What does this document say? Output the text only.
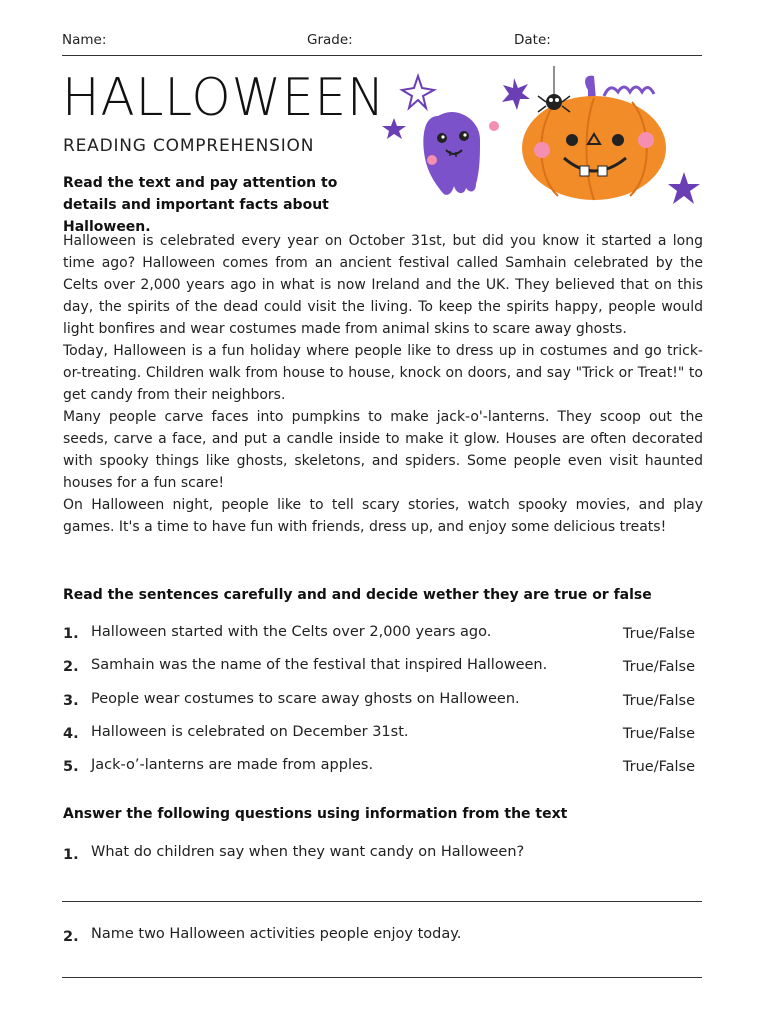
Name:	Grade:	Date:
HALLOWEEN
READING COMPREHENSION
Read the text and pay attention to details and important facts about Halloween.

Halloween is celebrated every year on October 31st, but did you know it started a long time ago? Halloween comes from an ancient festival called Samhain celebrated by the Celts over 2,000 years ago in what is now Ireland and the UK. They believed that on this day, the spirits of the dead could visit the living. To keep the spirits happy, people would light bonfires and wear costumes made from animal skins to scare away ghosts.

Today, Halloween is a fun holiday where people like to dress up in costumes and go trick-or-treating. Children walk from house to house, knock on doors, and say "Trick or Treat!" to get candy from their neighbors.

Many people carve faces into pumpkins to make jack-o'-lanterns. They scoop out the seeds, carve a face, and put a candle inside to make it glow. Houses are often decorated with spooky things like ghosts, skeletons, and spiders. Some people even visit haunted houses for a fun scare!

On Halloween night, people like to tell scary stories, watch spooky movies, and play games. It's a time to have fun with friends, dress up, and enjoy some delicious treats!

Read the sentences carefully and and decide wether they are true or false
1. Halloween started with the Celts over 2,000 years ago.	True/False
2. Samhain was the name of the festival that inspired Halloween.	True/False
3. People wear costumes to scare away ghosts on Halloween.	True/False
4. Halloween is celebrated on December 31st.	True/False
5. Jack-o’-lanterns are made from apples.	True/False
Answer the following questions using information from the text
1. What do children say when they want candy on Halloween?
2. Name two Halloween activities people enjoy today.
